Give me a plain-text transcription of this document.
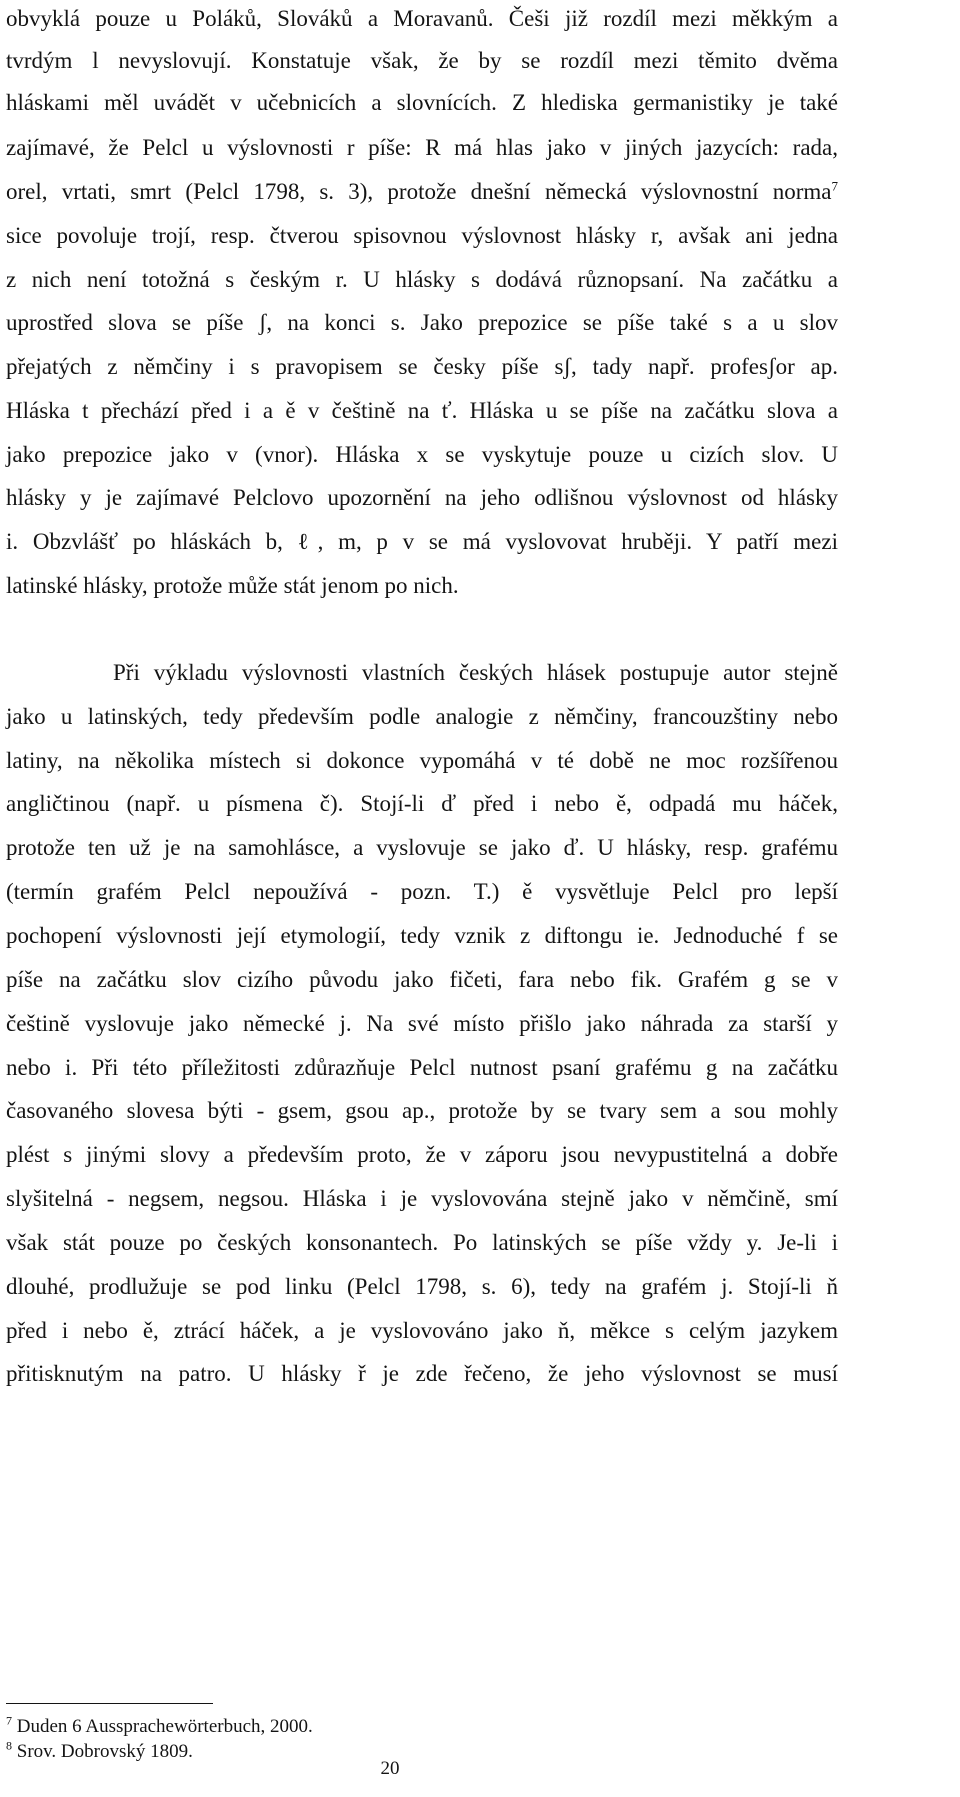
obvyklá pouze u Poláků, Slováků a Moravanů. Češi již rozdíl mezi měkkým a
tvrdým l nevyslovují. Konstatuje však, že by se rozdíl mezi těmito dvěma
hláskami měl uvádět v učebnicích a slovnících. Z hlediska germanistiky je také
zajímavé, že Pelcl u výslovnosti r píše: R má hlas jako v jiných jazycích: rada,
orel, vrtati, smrt (Pelcl 1798, s. 3), protože dnešní německá výslovnostní norma$^7$
sice povoluje trojí, resp. čtverou spisovnou výslovnost hlásky r, avšak ani jedna
z nich není totožná s českým r. U hlásky s dodává různopsaní. Na začátku a
uprostřed slova se píše ʃ, na konci s. Jako prepozice se píše také s a u slov
přejatých z němčiny i s pravopisem se česky píše sʃ, tady např. profesʃor ap.
Hláska t přechází před i a ě v češtině na ť. Hláska u se píše na začátku slova a
jako prepozice jako v (vnor). Hláska x se vyskytuje pouze u cizích slov. U
hlásky y je zajímavé Pelclovo upozornění na jeho odlišnou výslovnost od hlásky
i. Obzvlášť po hláskách b, ℓ, m, p v se má vyslovovat hruběji. Y patří mezi
latinské hlásky, protože může stát jenom po nich.
Při výkladu výslovnosti vlastních českých hlásek postupuje autor stejně
jako u latinských, tedy především podle analogie z němčiny, francouzštiny nebo
latiny, na několika místech si dokonce vypomáhá v té době ne moc rozšířenou
angličtinou (např. u písmena č). Stojí-li ď před i nebo ě, odpadá mu háček,
protože ten už je na samohlásce, a vyslovuje se jako ď. U hlásky, resp. grafému
(termín grafém Pelcl nepoužívá - pozn. T.) ě vysvětluje Pelcl pro lepší
pochopení výslovnosti její etymologií, tedy vznik z diftongu ie. Jednoduché f se
píše na začátku slov cizího původu jako fičeti, fara nebo fik. Grafém g se v
češtině vyslovuje jako německé j. Na své místo přišlo jako náhrada za starší y
nebo i. Při této příležitosti zdůrazňuje Pelcl nutnost psaní grafému g na začátku
časovaného slovesa býti - gsem, gsou ap., protože by se tvary sem a sou mohly
plést s jinými slovy a především proto, že v záporu jsou nevypustitelná a dobře
slyšitelná - negsem, negsou. Hláska i je vyslovována stejně jako v němčině, smí
však stát pouze po českých konsonantech. Po latinských se píše vždy y. Je-li i
dlouhé, prodlužuje se pod linku (Pelcl 1798, s. 6), tedy na grafém j. Stojí-li ň
před i nebo ě, ztrácí háček, a je vyslovováno jako ň, měkce s celým jazykem
přitisknutým na patro. U hlásky ř je zde řečeno, že jeho výslovnost se musí
$^7$ Duden 6 Aussprachewörterbuch, 2000.
$^8$ Srov. Dobrovský 1809.
20
